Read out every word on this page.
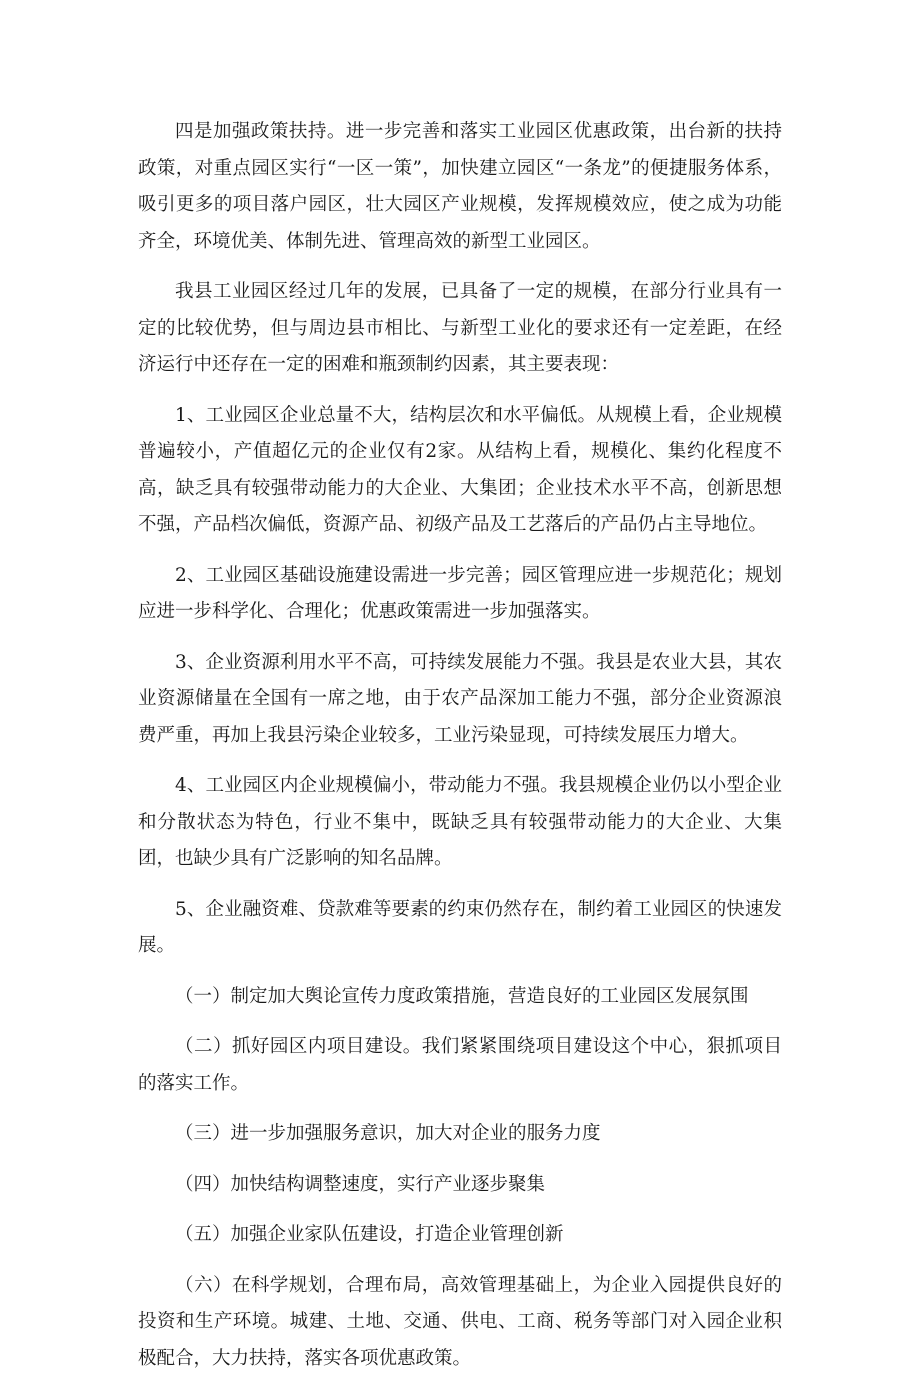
四是加强政策扶持。进一步完善和落实工业园区优惠政策，出台新的扶持政策，对重点园区实行“一区一策”，加快建立园区“一条龙”的便捷服务体系，吸引更多的项目落户园区，壮大园区产业规模，发挥规模效应，使之成为功能齐全，环境优美、体制先进、管理高效的新型工业园区。

我县工业园区经过几年的发展，已具备了一定的规模，在部分行业具有一定的比较优势，但与周边县市相比、与新型工业化的要求还有一定差距，在经济运行中还存在一定的困难和瓶颈制约因素，其主要表现：

1、工业园区企业总量不大，结构层次和水平偏低。从规模上看，企业规模普遍较小，产值超亿元的企业仅有2家。从结构上看，规模化、集约化程度不高，缺乏具有较强带动能力的大企业、大集团；企业技术水平不高，创新思想不强，产品档次偏低，资源产品、初级产品及工艺落后的产品仍占主导地位。

2、工业园区基础设施建设需进一步完善；园区管理应进一步规范化；规划应进一步科学化、合理化；优惠政策需进一步加强落实。

3、企业资源利用水平不高，可持续发展能力不强。我县是农业大县，其农业资源储量在全国有一席之地，由于农产品深加工能力不强，部分企业资源浪费严重，再加上我县污染企业较多，工业污染显现，可持续发展压力增大。

4、工业园区内企业规模偏小，带动能力不强。我县规模企业仍以小型企业和分散状态为特色，行业不集中，既缺乏具有较强带动能力的大企业、大集团，也缺少具有广泛影响的知名品牌。

5、企业融资难、贷款难等要素的约束仍然存在，制约着工业园区的快速发展。

（一）制定加大舆论宣传力度政策措施，营造良好的工业园区发展氛围

（二）抓好园区内项目建设。我们紧紧围绕项目建设这个中心，狠抓项目的落实工作。

（三）进一步加强服务意识，加大对企业的服务力度

（四）加快结构调整速度，实行产业逐步聚集

（五）加强企业家队伍建设，打造企业管理创新

（六）在科学规划，合理布局，高效管理基础上，为企业入园提供良好的投资和生产环境。城建、土地、交通、供电、工商、税务等部门对入园企业积极配合，大力扶持，落实各项优惠政策。
